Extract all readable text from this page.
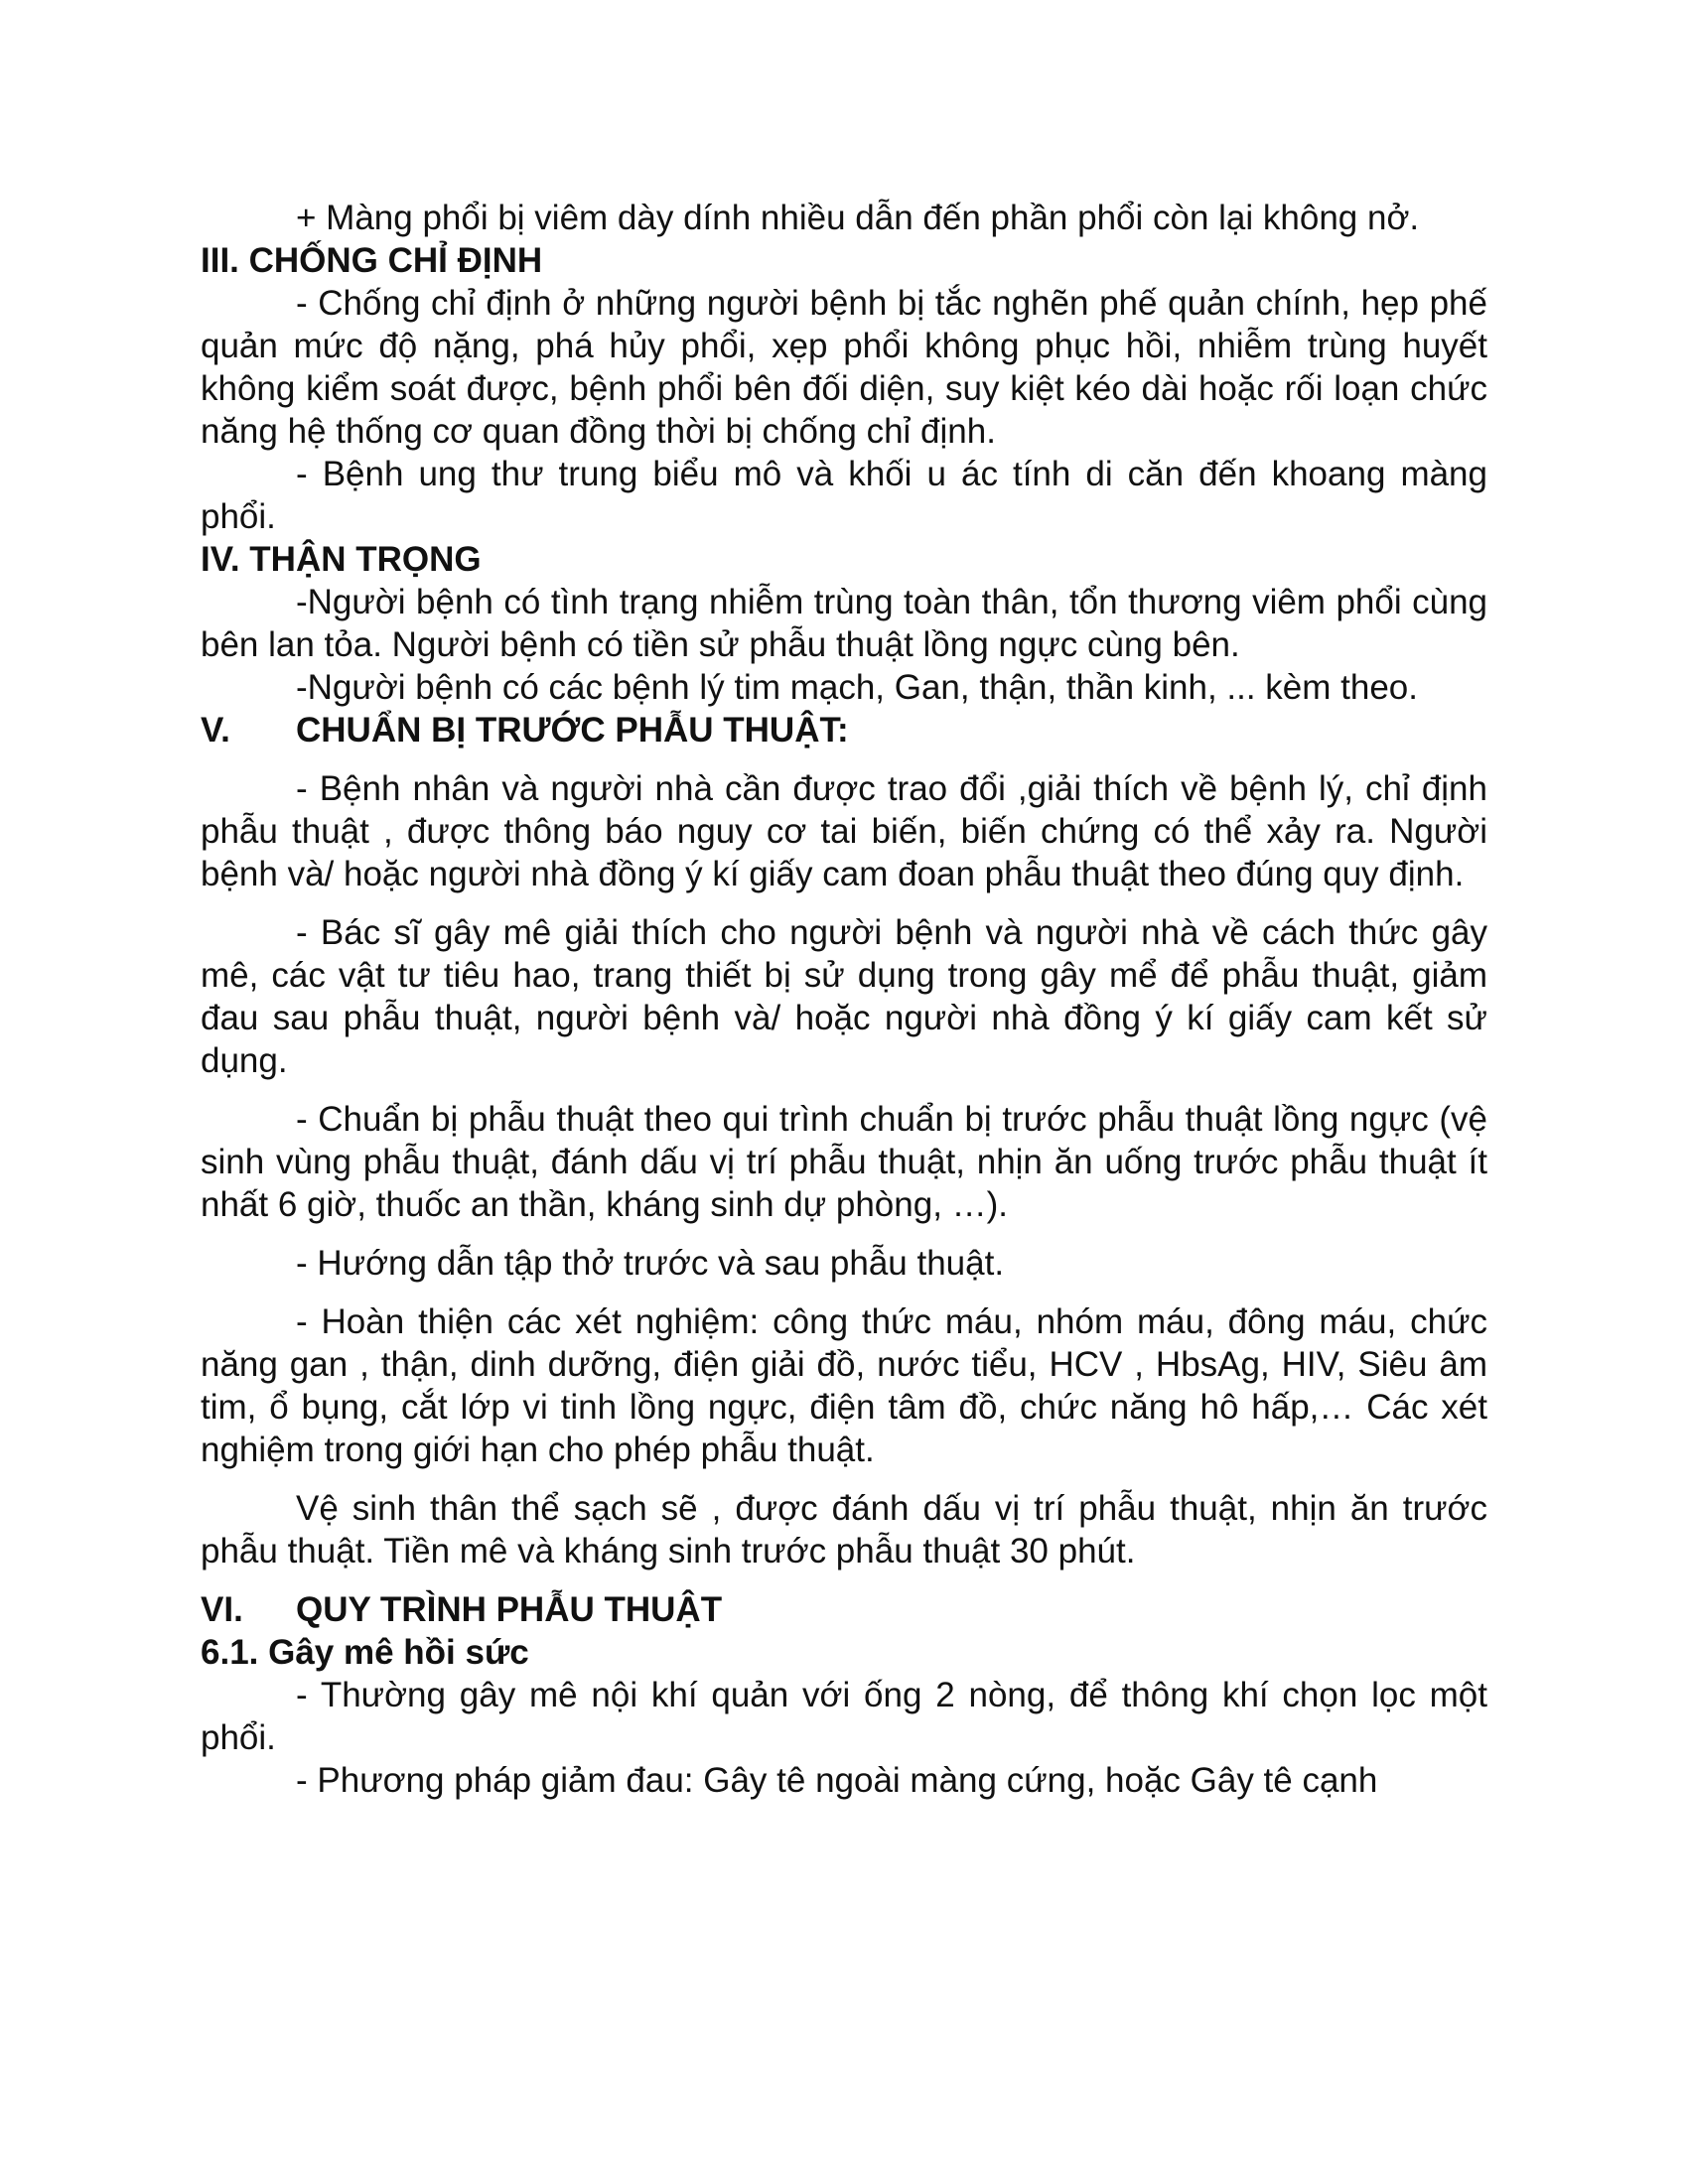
+ Màng phổi bị viêm dày dính nhiều dẫn đến phần phổi còn lại không nở.

III. CHỐNG CHỈ ĐỊNH

- Chống chỉ định ở những người bệnh bị tắc nghẽn phế quản chính, hẹp phế quản mức độ nặng, phá hủy phổi, xẹp phổi không phục hồi, nhiễm trùng huyết không kiểm soát được, bệnh phổi bên đối diện, suy kiệt kéo dài hoặc rối loạn chức năng hệ thống cơ quan đồng thời bị chống chỉ định.

- Bệnh ung thư trung biểu mô và khối u ác tính di căn đến khoang màng phổi.

IV. THẬN TRỌNG

-Người bệnh có tình trạng nhiễm trùng toàn thân, tổn thương viêm phổi cùng bên lan tỏa. Người bệnh có tiền sử phẫu thuật lồng ngực cùng bên.

-Người bệnh có các bệnh lý tim mạch, Gan, thận, thần kinh, ... kèm theo.

V. CHUẨN BỊ TRƯỚC PHẪU THUẬT:

- Bệnh nhân và người nhà cần được trao đổi ,giải thích về bệnh lý, chỉ định phẫu thuật , được thông báo nguy cơ tai biến, biến chứng có thể xảy ra. Người bệnh và/ hoặc người nhà đồng ý kí giấy cam đoan phẫu thuật theo đúng quy định.

- Bác sĩ gây mê giải thích cho người bệnh và người nhà về cách thức gây mê, các vật tư tiêu hao, trang thiết bị sử dụng trong gây mể để phẫu thuật, giảm đau sau phẫu thuật, người bệnh và/ hoặc người nhà đồng ý kí giấy cam kết sử dụng.

- Chuẩn bị phẫu thuật theo qui trình chuẩn bị trước phẫu thuật lồng ngực (vệ sinh vùng phẫu thuật, đánh dấu vị trí phẫu thuật, nhịn ăn uống trước phẫu thuật ít nhất 6 giờ, thuốc an thần, kháng sinh dự phòng, …).

- Hướng dẫn tập thở trước và sau phẫu thuật.

- Hoàn thiện các xét nghiệm: công thức máu, nhóm máu, đông máu, chức năng gan , thận, dinh dưỡng, điện giải đồ, nước tiểu, HCV , HbsAg, HIV, Siêu âm tim, ổ bụng, cắt lớp vi tinh lồng ngực, điện tâm đồ, chức năng hô hấp,… Các xét nghiệm trong giới hạn cho phép phẫu thuật.

Vệ sinh thân thể sạch sẽ , được đánh dấu vị trí phẫu thuật, nhịn ăn trước phẫu thuật. Tiền mê và kháng sinh trước phẫu thuật 30 phút.

VI. QUY TRÌNH PHẪU THUẬT

6.1. Gây mê hồi sức

- Thường gây mê nội khí quản với ống 2 nòng, để thông khí chọn lọc một phổi.

- Phương pháp giảm đau: Gây tê ngoài màng cứng, hoặc Gây tê cạnh
